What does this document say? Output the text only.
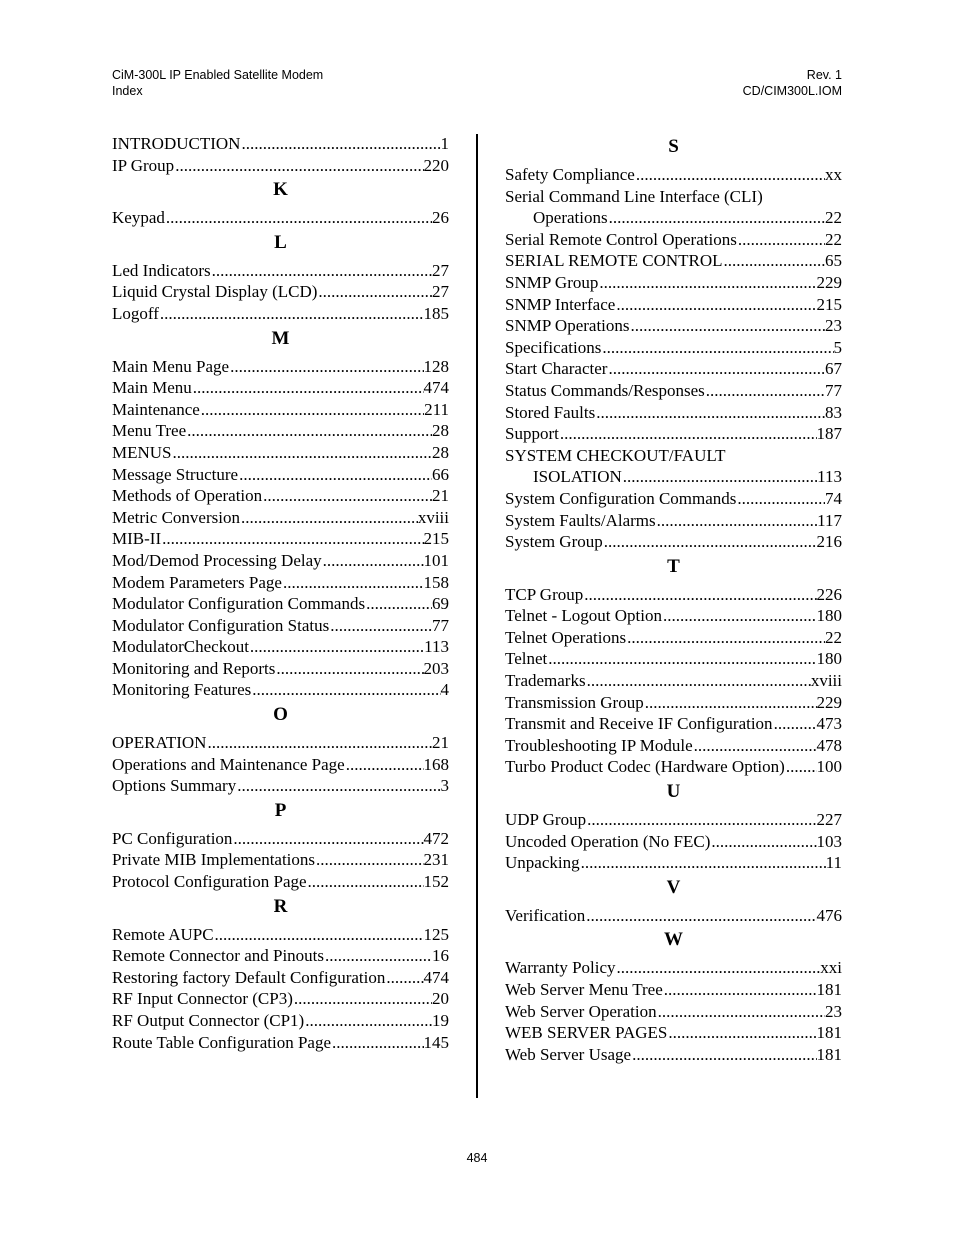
CiM-300L IP Enabled Satellite Modem
Index
Rev. 1
CD/CIM300L.IOM
INTRODUCTION .....	1
IP Group .....	220
K
Keypad .....	26
L
Led Indicators .....	27
Liquid Crystal Display (LCD) .....	27
Logoff .....	185
M
Main Menu Page .....	128
Main Menu .....	474
Maintenance .....	211
Menu Tree .....	28
MENUS .....	28
Message Structure .....	66
Methods of Operation .....	21
Metric Conversion .....	xviii
MIB-II .....	215
Mod/Demod Processing Delay .....	101
Modem Parameters Page .....	158
Modulator Configuration Commands .....	69
Modulator Configuration Status .....	77
ModulatorCheckout .....	113
Monitoring and Reports .....	203
Monitoring Features .....	4
O
OPERATION .....	21
Operations and Maintenance Page .....	168
Options Summary .....	3
P
PC Configuration .....	472
Private MIB Implementations .....	231
Protocol Configuration Page .....	152
R
Remote AUPC .....	125
Remote Connector and Pinouts .....	16
Restoring factory Default Configuration ..... 474
RF Input Connector (CP3) .....	20
RF Output Connector (CP1) .....	19
Route Table Configuration Page .....	145
S
Safety Compliance .....	xx
Serial Command Line Interface (CLI)
Operations .....	22
Serial Remote Control Operations .....	22
SERIAL REMOTE CONTROL .....	65
SNMP Group .....	229
SNMP Interface .....	215
SNMP Operations .....	23
Specifications .....	5
Start Character .....	67
Status Commands/Responses .....	77
Stored Faults .....	83
Support .....	187
SYSTEM CHECKOUT/FAULT
ISOLATION .....	113
System Configuration Commands .....	74
System Faults/Alarms .....	117
System Group .....	216
T
TCP Group .....	226
Telnet - Logout Option .....	180
Telnet Operations .....	22
Telnet .....	180
Trademarks .....	xviii
Transmission Group .....	229
Transmit and Receive IF Configuration .....	473
Troubleshooting IP Module .....	478
Turbo Product Codec (Hardware Option) ..... 100
U
UDP Group .....	227
Uncoded Operation (No FEC) .....	103
Unpacking .....	11
V
Verification .....	476
W
Warranty Policy .....	xxi
Web Server Menu Tree .....	181
Web Server Operation .....	23
WEB SERVER PAGES .....	181
Web Server Usage .....	181
484
